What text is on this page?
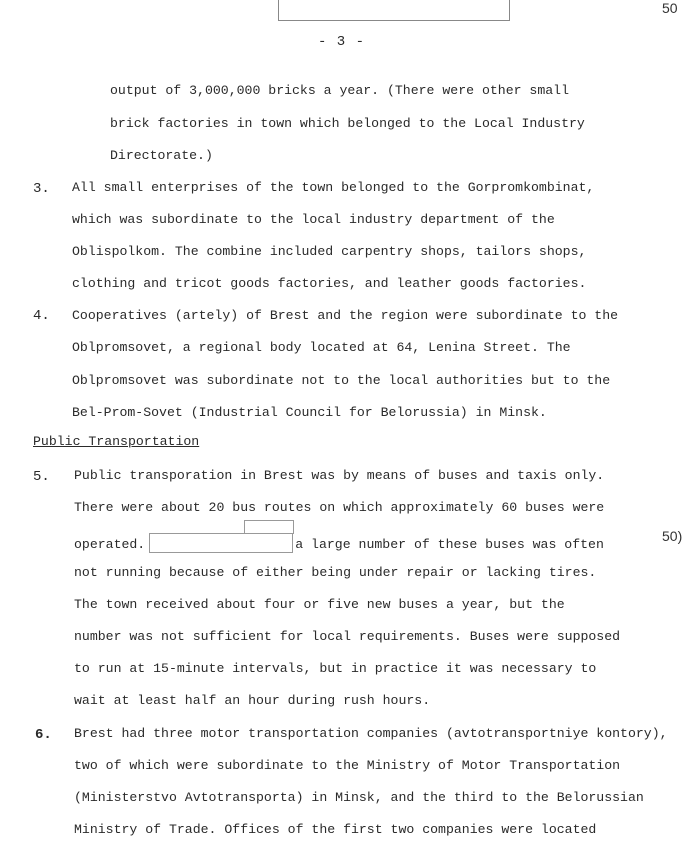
50
50)
- 3 -
output of 3,000,000 bricks a year. (There were other small
brick factories in town which belonged to the Local Industry
Directorate.)
3. All small enterprises of the town belonged to the Gorpromkombinat,
which was subordinate to the local industry department of the
Oblispolkom. The combine included carpentry shops, tailors shops,
clothing and tricot goods factories, and leather goods factories.
4. Cooperatives (artely) of Brest and the region were subordinate to the
Oblpromsovet, a regional body located at 64, Lenina Street. The
Oblpromsovet was subordinate not to the local authorities but to the
Bel-Prom-Sovet (Industrial Council for Belorussia) in Minsk.
Public Transportation
5. Public transporation in Brest was by means of buses and taxis only.
There were about 20 bus routes on which approximately 60 buses were
operated.	a large number of these buses was often
not running because of either being under repair or lacking tires.
The town received about four or five new buses a year, but the
number was not sufficient for local requirements. Buses were supposed
to run at 15-minute intervals, but in practice it was necessary to
wait at least half an hour during rush hours.
6. Brest had three motor transportation companies (avtotransportniye kontory),
two of which were subordinate to the Ministry of Motor Transportation
(Ministerstvo Avtotransporta) in Minsk, and the third to the Belorussian
Ministry of Trade. Offices of the first two companies were located
